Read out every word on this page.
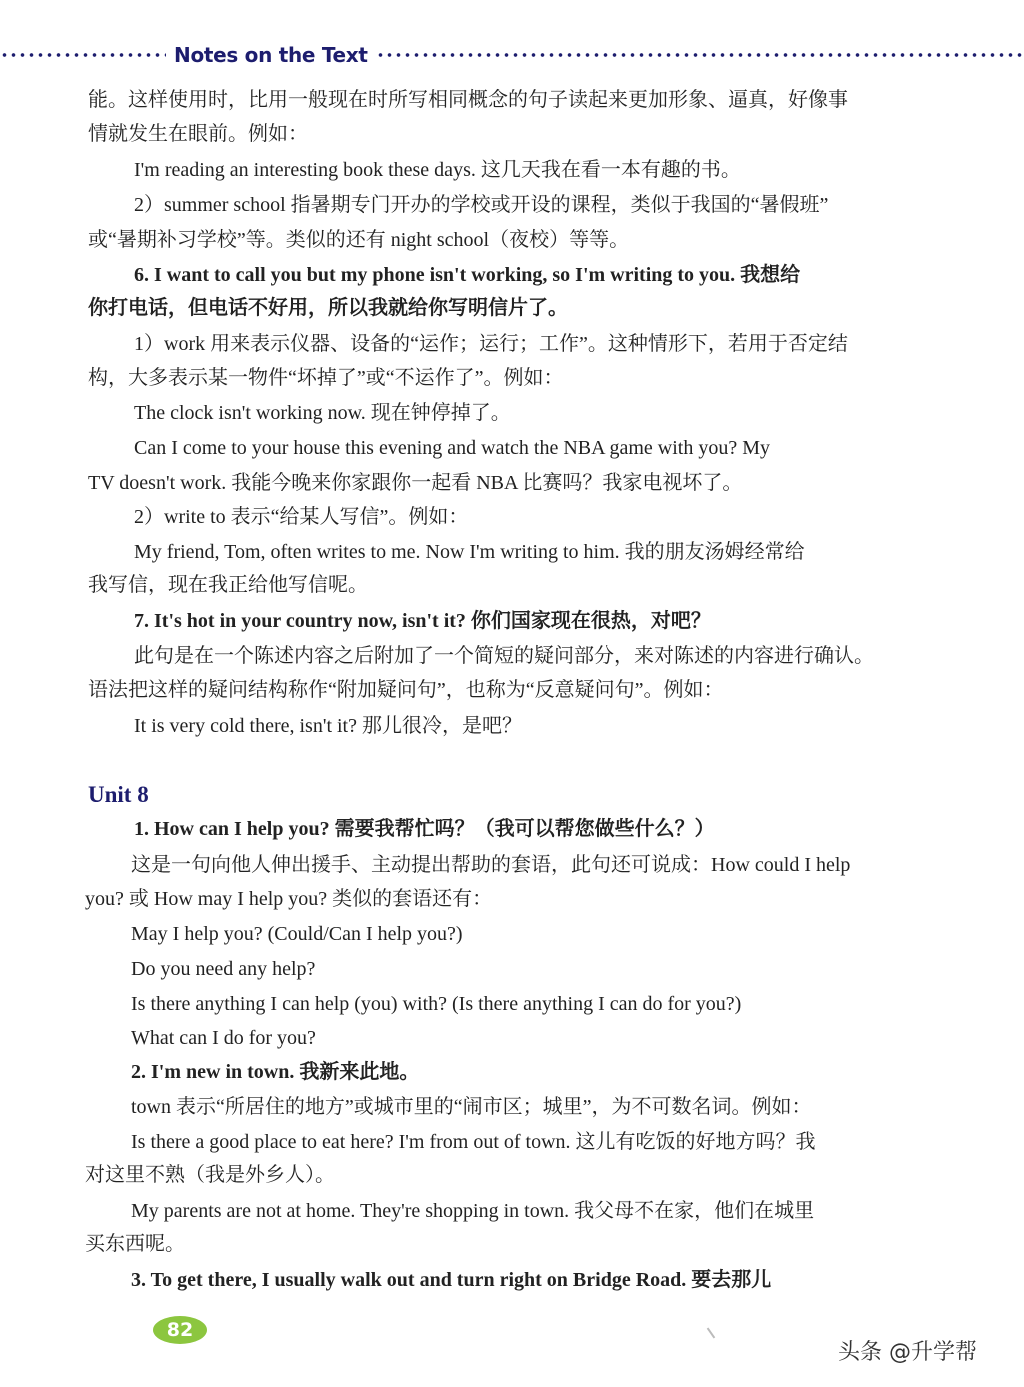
Notes on the Text
能。这样使用时，比用一般现在时所写相同概念的句子读起来更加形象、逼真，好像事
情就发生在眼前。例如：
I'm reading an interesting book these days. 这几天我在看一本有趣的书。
2）summer school 指暑期专门开办的学校或开设的课程，类似于我国的“暑假班”
或“暑期补习学校”等。类似的还有 night school（夜校）等等。
6. I want to call you but my phone isn't working, so I'm writing to you. 我想给
你打电话，但电话不好用，所以我就给你写明信片了。
1）work 用来表示仪器、设备的“运作；运行；工作”。这种情形下，若用于否定结
构，大多表示某一物件“坏掉了”或“不运作了”。例如：
The clock isn't working now. 现在钟停掉了。
Can I come to your house this evening and watch the NBA game with you? My
TV doesn't work. 我能今晚来你家跟你一起看 NBA 比赛吗？我家电视坏了。
2）write to 表示“给某人写信”。例如：
My friend, Tom, often writes to me. Now I'm writing to him. 我的朋友汤姆经常给
我写信，现在我正给他写信呢。
7. It's hot in your country now, isn't it? 你们国家现在很热，对吧？
此句是在一个陈述内容之后附加了一个简短的疑问部分，来对陈述的内容进行确认。
语法把这样的疑问结构称作“附加疑问句”，也称为“反意疑问句”。例如：
It is very cold there, isn't it? 那儿很冷，是吧？
Unit 8
1. How can I help you? 需要我帮忙吗？（我可以帮您做些什么？）
这是一句向他人伸出援手、主动提出帮助的套语，此句还可说成：How could I help
you? 或 How may I help you? 类似的套语还有：
May I help you? (Could/Can I help you?)
Do you need any help?
Is there anything I can help (you) with? (Is there anything I can do for you?)
What can I do for you?
2. I'm new in town. 我新来此地。
town 表示“所居住的地方”或城市里的“闹市区；城里”，为不可数名词。例如：
Is there a good place to eat here? I'm from out of town. 这儿有吃饭的好地方吗？我
对这里不熟（我是外乡人）。
My parents are not at home. They're shopping in town. 我父母不在家，他们在城里
买东西呢。
3. To get there, I usually walk out and turn right on Bridge Road. 要去那儿
82
头条 @升学帮
